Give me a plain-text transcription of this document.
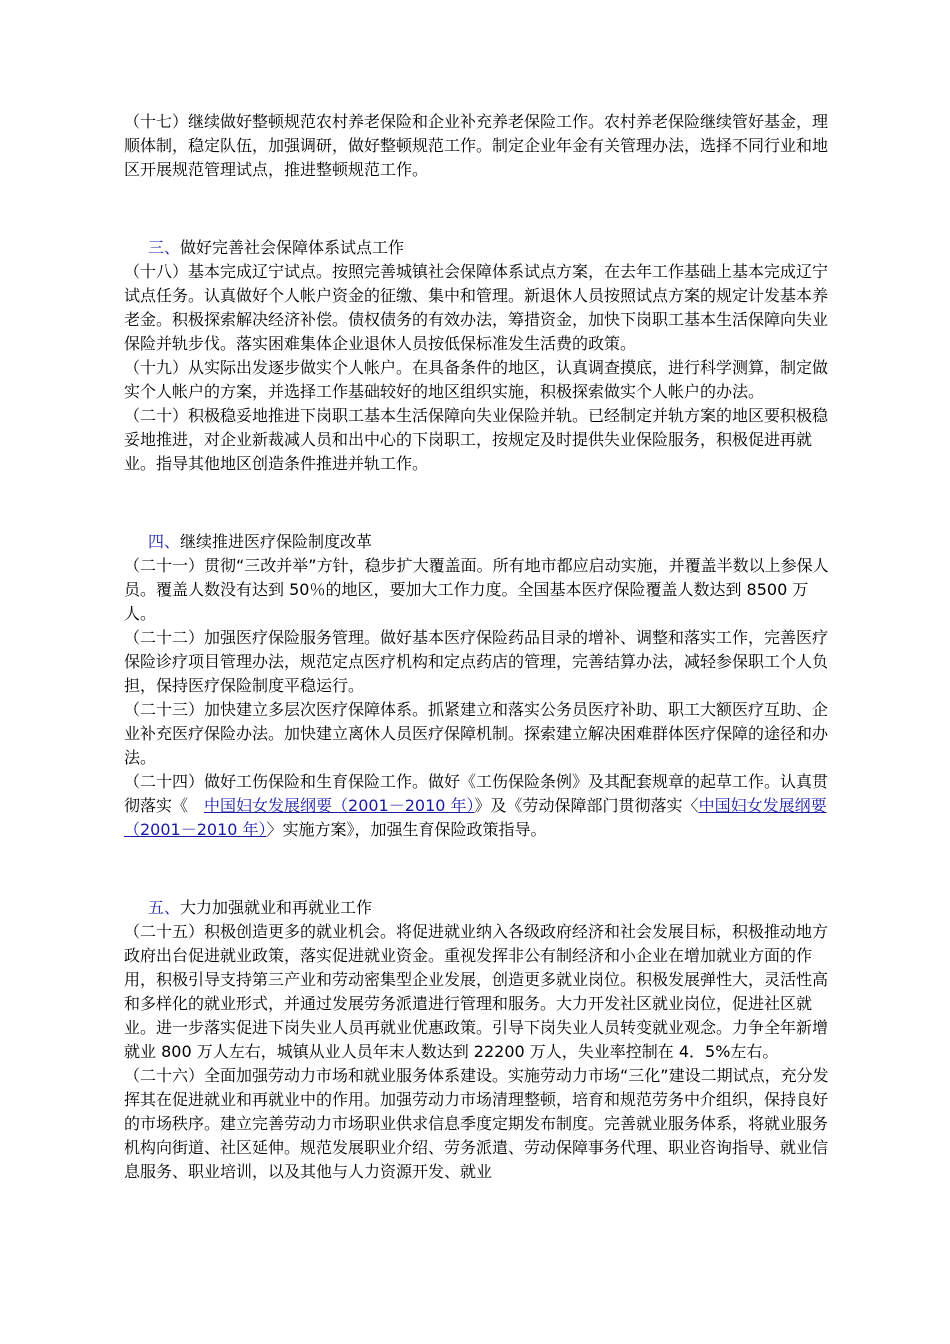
（十七）继续做好整顿规范农村养老保险和企业补充养老保险工作。农村养老保险继续管好基金，理顺体制，稳定队伍，加强调研，做好整顿规范工作。制定企业年金有关管理办法，选择不同行业和地区开展规范管理试点，推进整顿规范工作。

三、做好完善社会保障体系试点工作

（十八）基本完成辽宁试点。按照完善城镇社会保障体系试点方案，在去年工作基础上基本完成辽宁试点任务。认真做好个人帐户资金的征缴、集中和管理。新退休人员按照试点方案的规定计发基本养老金。积极探索解决经济补偿。债权债务的有效办法，筹措资金，加快下岗职工基本生活保障向失业保险并轨步伐。落实困难集体企业退休人员按低保标准发生活费的政策。

（十九）从实际出发逐步做实个人帐户。在具备条件的地区，认真调查摸底，进行科学测算，制定做实个人帐户的方案，并选择工作基础较好的地区组织实施，积极探索做实个人帐户的办法。

（二十）积极稳妥地推进下岗职工基本生活保障向失业保险并轨。已经制定并轨方案的地区要积极稳妥地推进，对企业新裁减人员和出中心的下岗职工，按规定及时提供失业保险服务，积极促进再就业。指导其他地区创造条件推进并轨工作。

四、继续推进医疗保险制度改革

（二十一）贯彻“三改并举”方针，稳步扩大覆盖面。所有地市都应启动实施，并覆盖半数以上参保人员。覆盖人数没有达到 50％的地区，要加大工作力度。全国基本医疗保险覆盖人数达到 8500 万人。

（二十二）加强医疗保险服务管理。做好基本医疗保险药品目录的增补、调整和落实工作，完善医疗保险诊疗项目管理办法，规范定点医疗机构和定点药店的管理，完善结算办法，减轻参保职工个人负担，保持医疗保险制度平稳运行。

（二十三）加快建立多层次医疗保障体系。抓紧建立和落实公务员医疗补助、职工大额医疗互助、企业补充医疗保险办法。加快建立离休人员医疗保障机制。探索建立解决困难群体医疗保障的途径和办法。

（二十四）做好工伤保险和生育保险工作。做好《工伤保险条例》及其配套规章的起草工作。认真贯彻落实《　中国妇女发展纲要（2001－2010 年）》及《劳动保障部门贯彻落实〈中国妇女发展纲要（2001－2010 年）〉实施方案》，加强生育保险政策指导。

五、大力加强就业和再就业工作

（二十五）积极创造更多的就业机会。将促进就业纳入各级政府经济和社会发展目标，积极推动地方政府出台促进就业政策，落实促进就业资金。重视发挥非公有制经济和小企业在增加就业方面的作用，积极引导支持第三产业和劳动密集型企业发展，创造更多就业岗位。积极发展弹性大，灵活性高和多样化的就业形式，并通过发展劳务派遣进行管理和服务。大力开发社区就业岗位，促进社区就业。进一步落实促进下岗失业人员再就业优惠政策。引导下岗失业人员转变就业观念。力争全年新增就业 800 万人左右，城镇从业人员年末人数达到 22200 万人，失业率控制在 4．5%左右。

（二十六）全面加强劳动力市场和就业服务体系建设。实施劳动力市场“三化”建设二期试点，充分发挥其在促进就业和再就业中的作用。加强劳动力市场清理整顿，培育和规范劳务中介组织，保持良好的市场秩序。建立完善劳动力市场职业供求信息季度定期发布制度。完善就业服务体系，将就业服务机构向街道、社区延伸。规范发展职业介绍、劳务派遣、劳动保障事务代理、职业咨询指导、就业信息服务、职业培训，以及其他与人力资源开发、就业
